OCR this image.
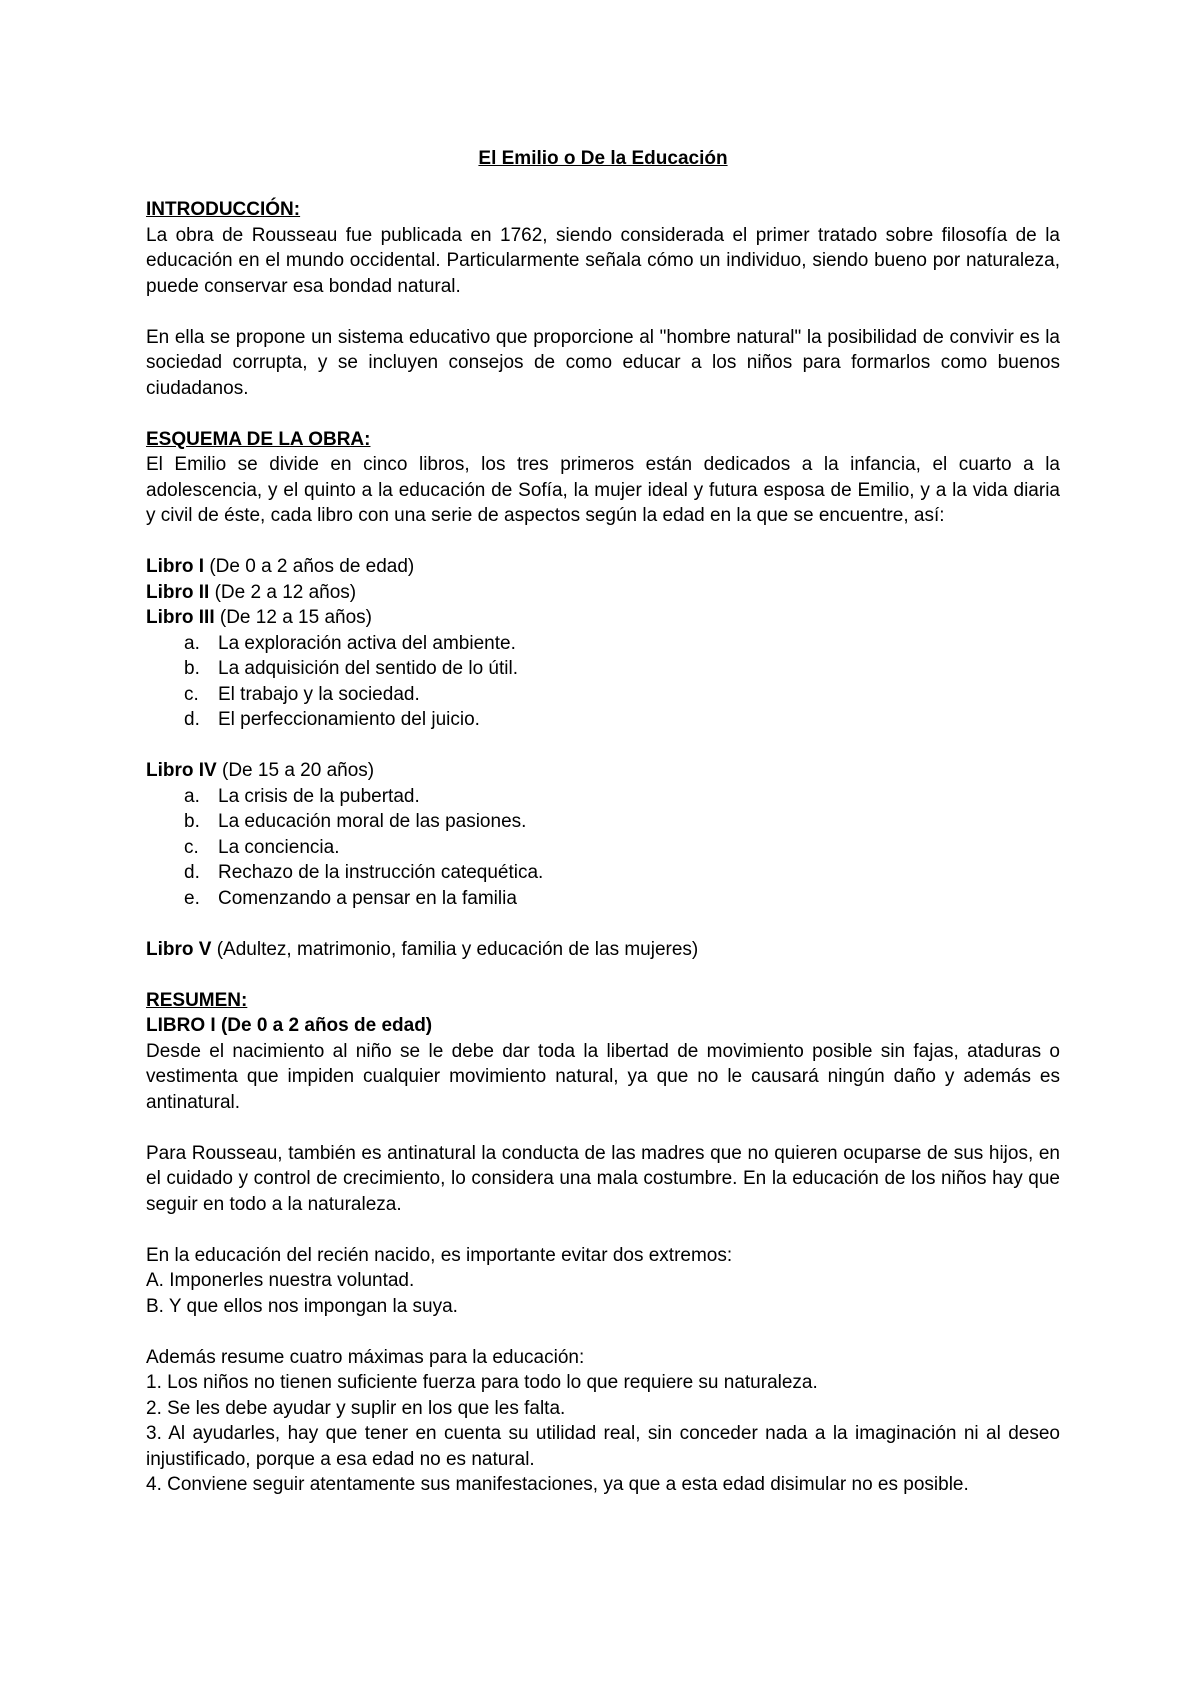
El Emilio o De la Educación

INTRODUCCIÓN:

La obra de Rousseau fue publicada en 1762, siendo considerada el primer tratado sobre filosofía de la educación en el mundo occidental. Particularmente señala cómo un individuo, siendo bueno por naturaleza, puede conservar esa bondad natural.

En ella se propone un sistema educativo que proporcione al "hombre natural" la posibilidad de convivir es la sociedad corrupta, y se incluyen consejos de como educar a los niños para formarlos como buenos ciudadanos.

ESQUEMA DE LA OBRA:

El Emilio se divide en cinco libros, los tres primeros están dedicados a la infancia, el cuarto a la adolescencia, y el quinto a la educación de Sofía, la mujer ideal y futura esposa de Emilio, y a la vida diaria y civil de éste, cada libro con una serie de aspectos según la edad en la que se encuentre, así:

Libro I (De 0 a 2 años de edad)

Libro II (De 2 a 12 años)

Libro III (De 12 a 15 años)

a. La exploración activa del ambiente.
b. La adquisición del sentido de lo útil.
c.	El trabajo y la sociedad.
d. El perfeccionamiento del juicio.

Libro IV (De 15 a 20 años)

a. La crisis de la pubertad.
b. La educación moral de las pasiones.
c.	La conciencia.
d. Rechazo de la instrucción catequética.
e. Comenzando a pensar en la familia

Libro V (Adultez, matrimonio, familia y educación de las mujeres)

RESUMEN:

LIBRO I (De 0 a 2 años de edad)

Desde el nacimiento al niño se le debe dar toda la libertad de movimiento posible sin fajas, ataduras o vestimenta que impiden cualquier movimiento natural, ya que no le causará ningún daño y además es antinatural.

Para Rousseau, también es antinatural la conducta de las madres que no quieren ocuparse de sus hijos, en el cuidado y control de crecimiento, lo considera una mala costumbre. En la educación de los niños hay que seguir en todo a la naturaleza.

En la educación del recién nacido, es importante evitar dos extremos:

A. Imponerles nuestra voluntad.

B. Y que ellos nos impongan la suya.

Además resume cuatro máximas para la educación:

1. Los niños no tienen suficiente fuerza para todo lo que requiere su naturaleza.

2. Se les debe ayudar y suplir en los que les falta.

3. Al ayudarles, hay que tener en cuenta su utilidad real, sin conceder nada a la imaginación ni al deseo injustificado, porque a esa edad no es natural.

4. Conviene seguir atentamente sus manifestaciones, ya que a esta edad disimular no es posible.
